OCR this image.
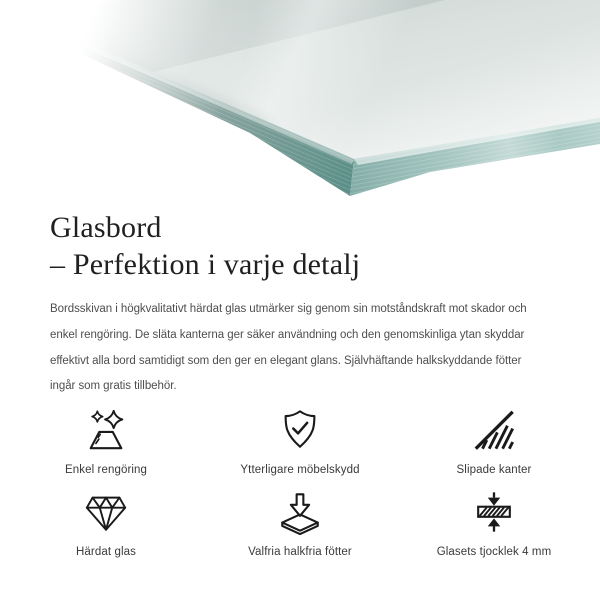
Glasbord
– Perfektion i varje detalj

Bordsskivan i högkvalitativt härdat glas utmärker sig genom sin motståndskraft mot skador och
enkel rengöring. De släta kanterna ger säker användning och den genomskinliga ytan skyddar
effektivt alla bord samtidigt som den ger en elegant glans. Självhäftande halkskyddande fötter
ingår som gratis tillbehör.

Enkel rengöring	Ytterligare möbelskydd	Slipade kanter
Härdat glas	Valfria halkfria fötter	Glasets tjocklek 4 mm
